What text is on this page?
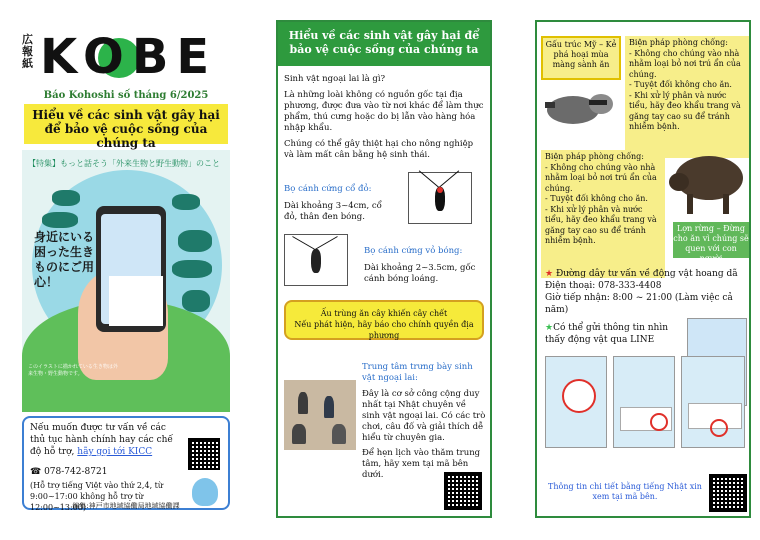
広報紙 KOBE
Báo Kohoshi số tháng 6/2025
Hiểu về các sinh vật gây hại để bảo vệ cuộc sống của chúng ta
【特集】もっと話そう「外来生物と野生動物」のこと
身近にいる困った生きものにご用心！
このイラストに描かれている生き物は外来生物・野生動物です。
Nếu muốn được tư vấn về các thủ tục hành chính hay các chế độ hỗ trợ, hãy gọi tới KICC
☎ 078-742-8721
(Hỗ trợ tiếng Việt vào thứ 2,4, từ 9:00~17:00 không hỗ trợ từ 12:00~13:00)
編集:神戸市地域協働局地域協働課
Hiểu về các sinh vật gây hại để bảo vệ cuộc sống của chúng ta

Sinh vật ngoại lai là gì?

Là những loài không có nguồn gốc tại địa phương, được đưa vào từ nơi khác để làm thực phẩm, thú cưng hoặc do bị lẫn vào hàng hóa nhập khẩu.

Chúng có thể gây thiệt hại cho nông nghiệp và làm mất cân bằng hệ sinh thái.

Bọ cánh cứng cổ đỏ:
Dài khoảng 3~4cm, cổ đỏ, thân đen bóng.
Bọ cánh cứng vỏ bóng:
Dài khoảng 2~3.5cm, gốc cánh bóng loáng.
Ấu trùng ăn cây khiến cây chết
Nếu phát hiện, hãy báo cho chính quyền địa phương
Trung tâm trưng bày sinh vật ngoại lai:
Đây là cơ sở công cộng duy nhất tại Nhật chuyên về sinh vật ngoại lai. Có các trò chơi, câu đố và giải thích dễ hiểu từ chuyên gia.
Để hẹn lịch vào thăm trung tâm, hãy xem tại mã bên dưới.
Gấu trúc Mỹ – Kẻ phá hoại mùa màng sành ăn
Biện pháp phòng chống:
- Không cho chúng vào nhà nhằm loại bỏ nơi trú ẩn của chúng.
- Tuyệt đối không cho ăn.
- Khi xử lý phân và nước tiểu, hãy đeo khẩu trang và găng tay cao su để tránh nhiễm bệnh.
Biện pháp phòng chống:
- Không cho chúng vào nhà nhằm loại bỏ nơi trú ẩn của chúng.
- Tuyệt đối không cho ăn.
- Khi xử lý phân và nước tiểu, hãy đeo khẩu trang và găng tay cao su để tránh nhiễm bệnh.
Lợn rừng – Đừng cho ăn vì chúng sẽ quen với con người
★ Đường dây tư vấn về động vật hoang dã
Điện thoại: 078-333-4408
Giờ tiếp nhận: 8:00 ~ 21:00 (Làm việc cả năm)
★Có thể gửi thông tin nhìn thấy động vật qua LINE
Thông tin chi tiết bằng tiếng Nhật xin xem tại mã bên.
